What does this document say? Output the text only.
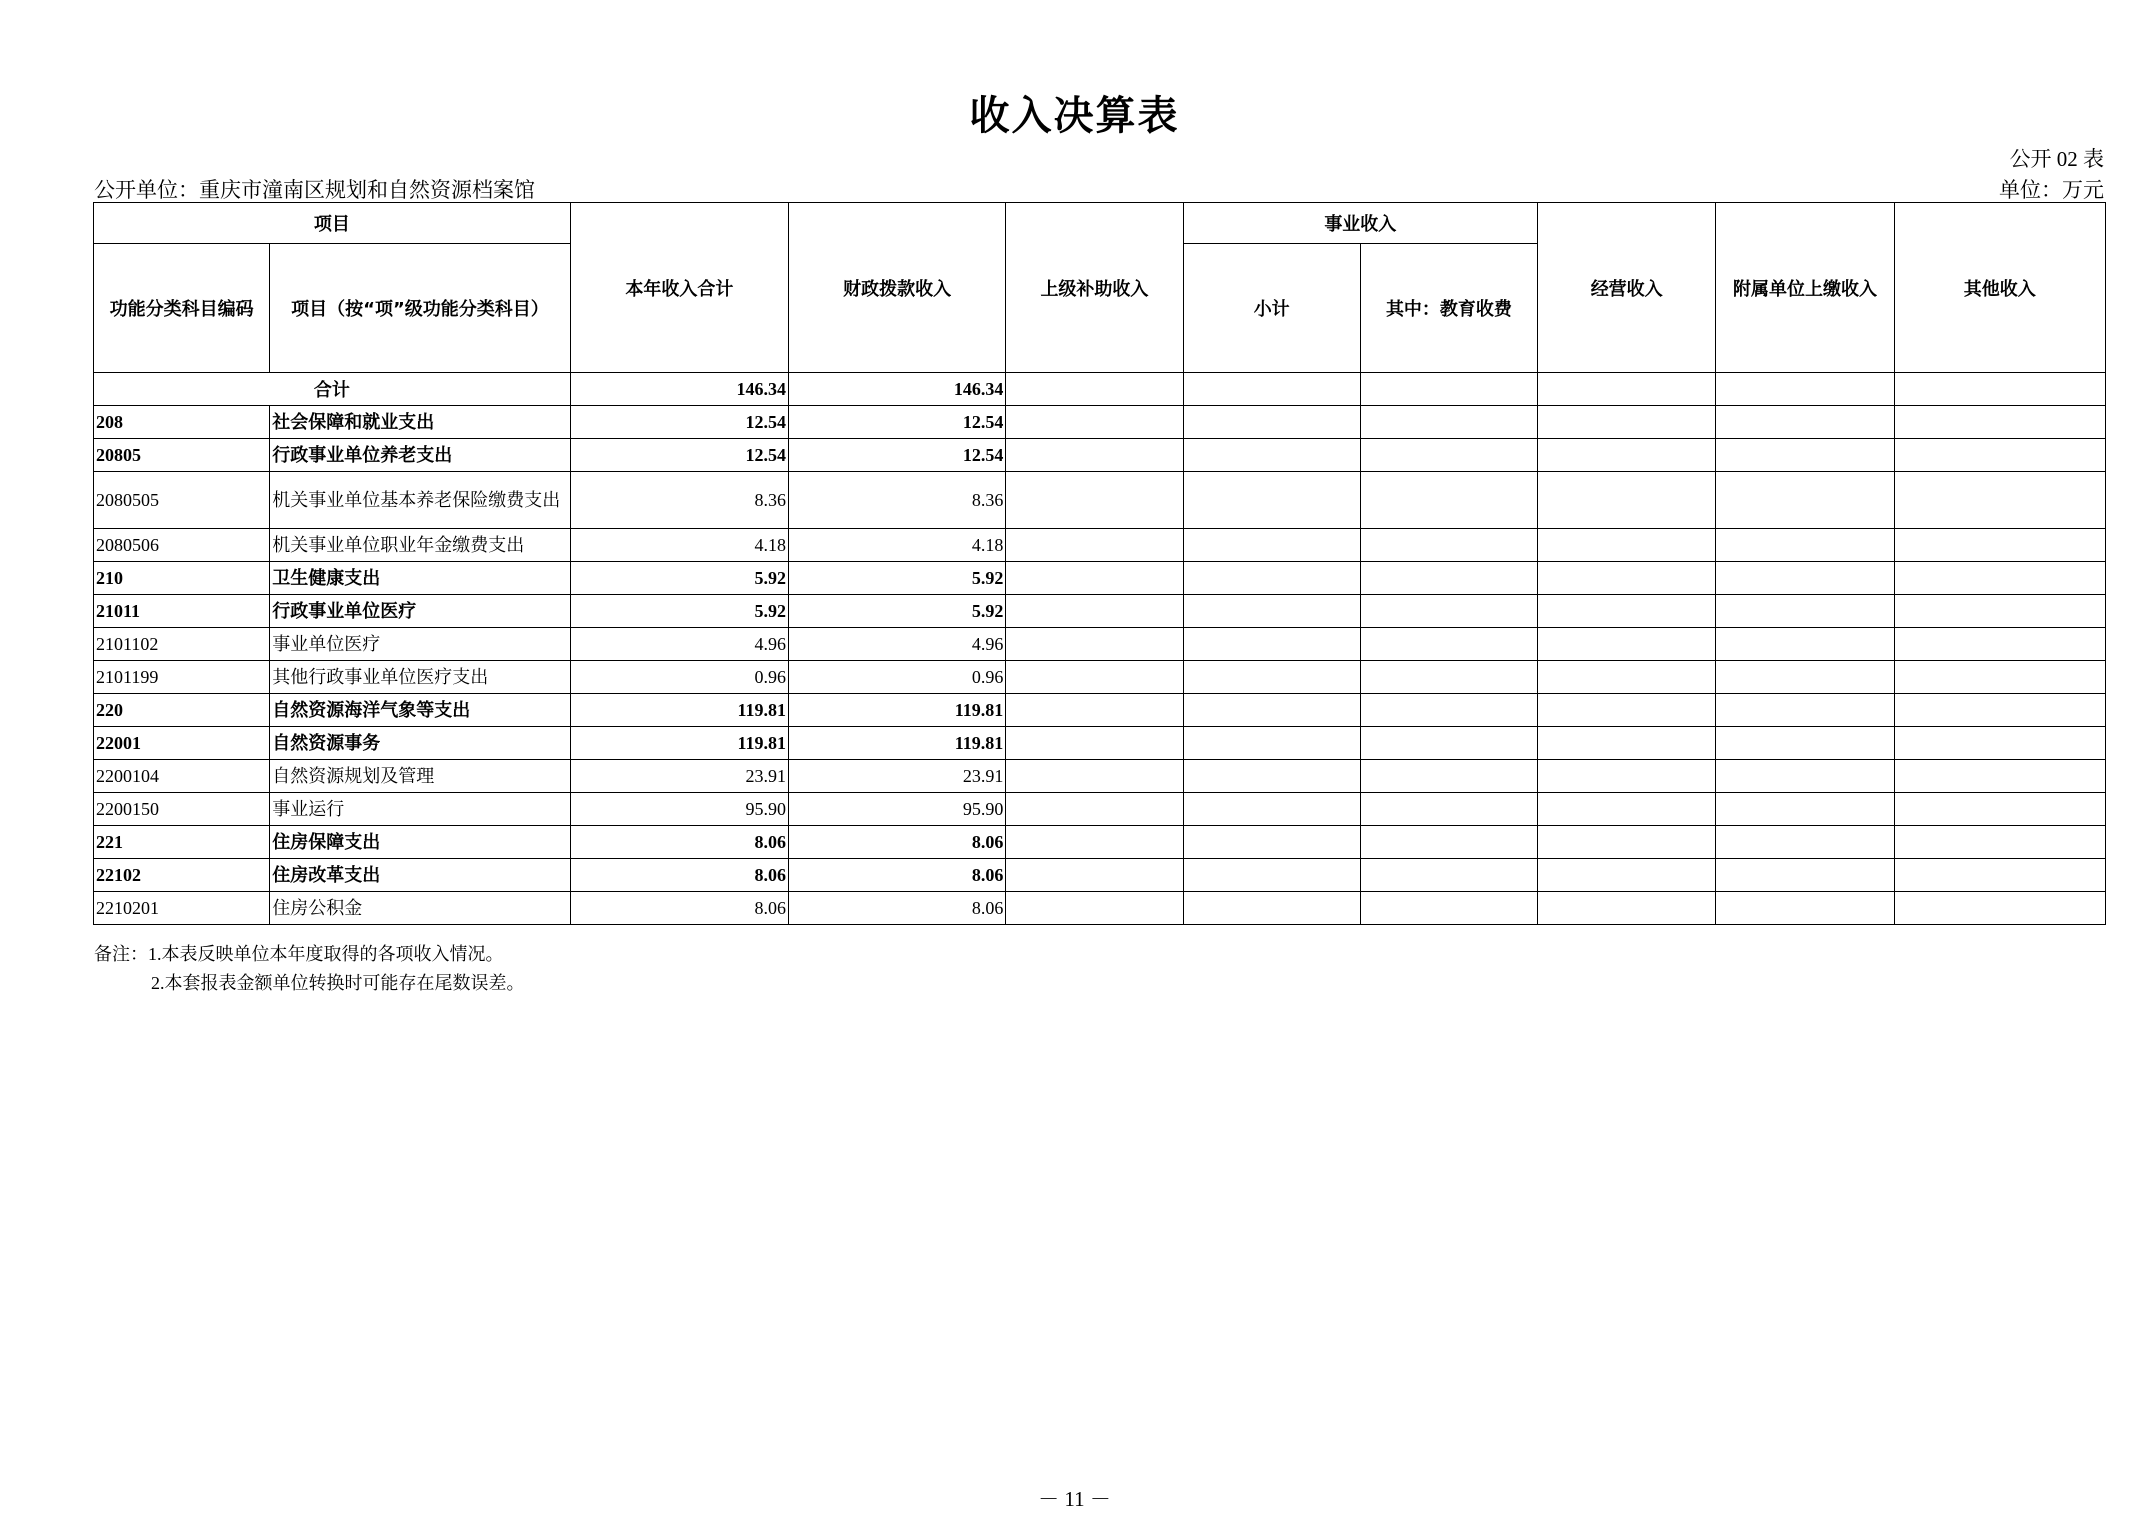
收入决算表
公开 02 表
公开单位：重庆市潼南区规划和自然资源档案馆	单位：万元
项目		本年收入合计	财政拨款收入	上级补助收入	事业收入		经营收入	附属单位上缴收入	其他收入
功能分类科目编码	项目（按“项”级功能分类科目）				小计	其中：教育收费			
合计		146.34	146.34						
208	社会保障和就业支出	12.54	12.54						
20805	行政事业单位养老支出	12.54	12.54						
2080505	机关事业单位基本养老保险缴费支出	8.36	8.36						
2080506	机关事业单位职业年金缴费支出	4.18	4.18						
210	卫生健康支出	5.92	5.92						
21011	行政事业单位医疗	5.92	5.92						
2101102	事业单位医疗	4.96	4.96						
2101199	其他行政事业单位医疗支出	0.96	0.96						
220	自然资源海洋气象等支出	119.81	119.81						
22001	自然资源事务	119.81	119.81						
2200104	自然资源规划及管理	23.91	23.91						
2200150	事业运行	95.90	95.90						
221	住房保障支出	8.06	8.06						
22102	住房改革支出	8.06	8.06						
2210201	住房公积金	8.06	8.06						
备注：1.本表反映单位本年度取得的各项收入情况。
2.本套报表金额单位转换时可能存在尾数误差。
－ 11 －
